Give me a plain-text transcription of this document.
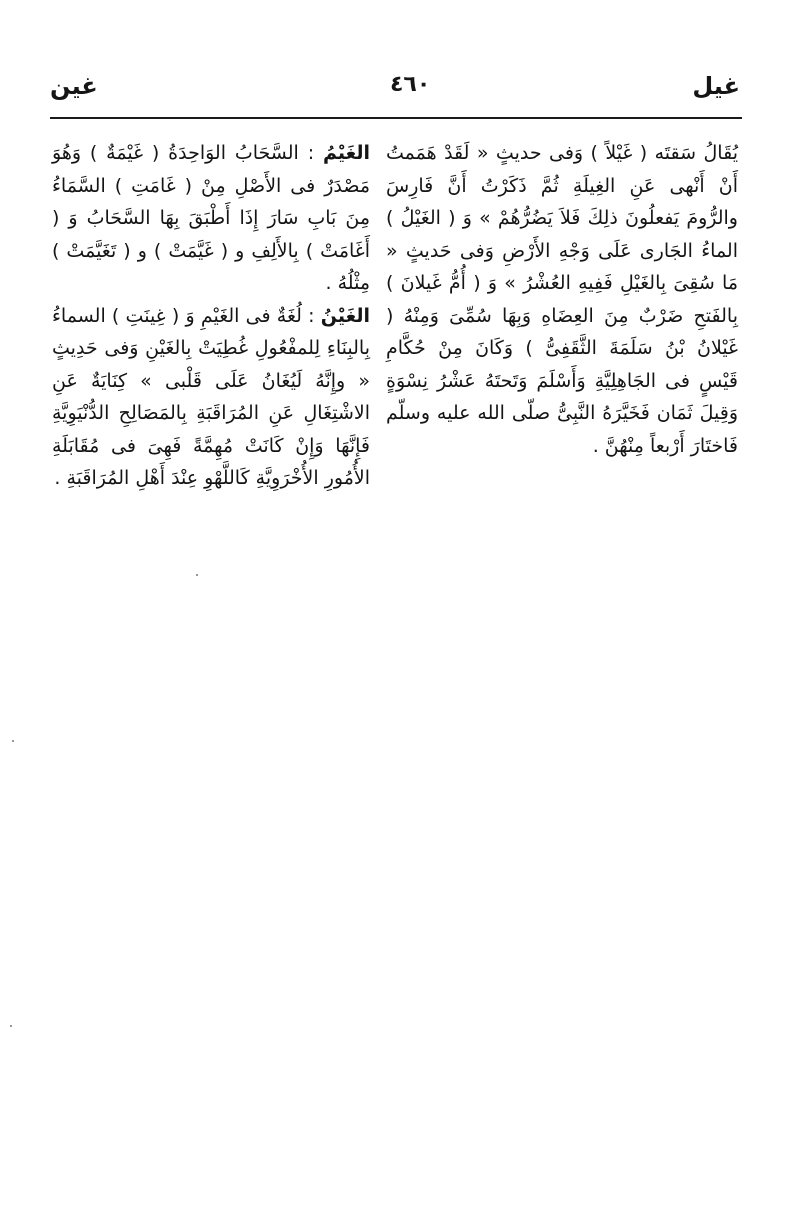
غيل
٤٦٠
غين

يُقَالُ سَقتَه ( غَيْلاً ) وَفى حديثٍ « لَقَدْ هَمَمتُ أَنْ أَنْهى عَنِ الغِيلَةِ ثُمَّ ذَكَرْتُ أَنَّ فَارِسَ والرُّومَ يَفعلُونَ ذلِكَ فَلاَ يَضُرُّهُمْ » وَ ( الغَيْلُ ) الماءُ الجَارى عَلَى وَجْهِ الأَرْضِ وَفى حَديثٍ « مَا سُقِىَ بِالغَيْلِ فَفِيهِ العُشْرُ » وَ ( أُمُّ غَيلانَ ) بِالفَتحِ ضَرْبٌ مِنَ العِضَاهِ وَبِهَا سُمِّىَ وَمِنْهُ ( غَيْلانُ بْنُ سَلَمَةَ الثَّقَفِىُّ ) وَكَانَ مِنْ حُكَّامِ قَيْسٍ فى الجَاهِلِيَّةِ وَأَسْلَمَ وَتَحتَهُ عَشْرُ نِسْوَةٍ وَقِيلَ ثَمَان فَخَيَّرَهُ النَّبِىُّ صلّى الله عليه وسلّم فَاختَارَ أَرْبعاً مِنْهُنَّ .

الغَيْمُ : السَّحَابُ الوَاحِدَةُ ( غَيْمَةٌ ) وَهُوَ مَصْدَرٌ فى الأَصْلِ مِنْ ( غَامَتِ ) السَّمَاءُ مِنَ بَابِ سَارَ إِذَا أَطْبَقَ بِهَا السَّحَابُ وَ ( أَغَامَتْ ) بِالأَلِفِ و ( غَيَّمَتْ ) و ( تَغَيَّمَتْ ) مِثْلُهُ .

الغَيْنُ : لُغَةٌ فى الغَيْمِ وَ ( غِينَتِ ) السماءُ بِالبِنَاءِ لِلمفْعُولِ غُطِيَتْ بِالغَيْنِ وَفى حَدِيثٍ « وإِنَّهُ لَيُغَانُ عَلَى قَلْبى » كِنَايَةٌ عَنِ الاشْتِغَالِ عَنِ المُرَاقَبَةِ بِالمَصَالِحِ الدُّنْيَوِيَّةِ فَإِنَّهَا وَإِنْ كَانَتْ مُهِمَّةً فَهِىَ فى مُقَابَلَةِ الأُمُورِ الأُخْرَوِيَّةِ كَاللَّهْوِ عِنْدَ أَهْلِ المُرَاقَبَةِ .
